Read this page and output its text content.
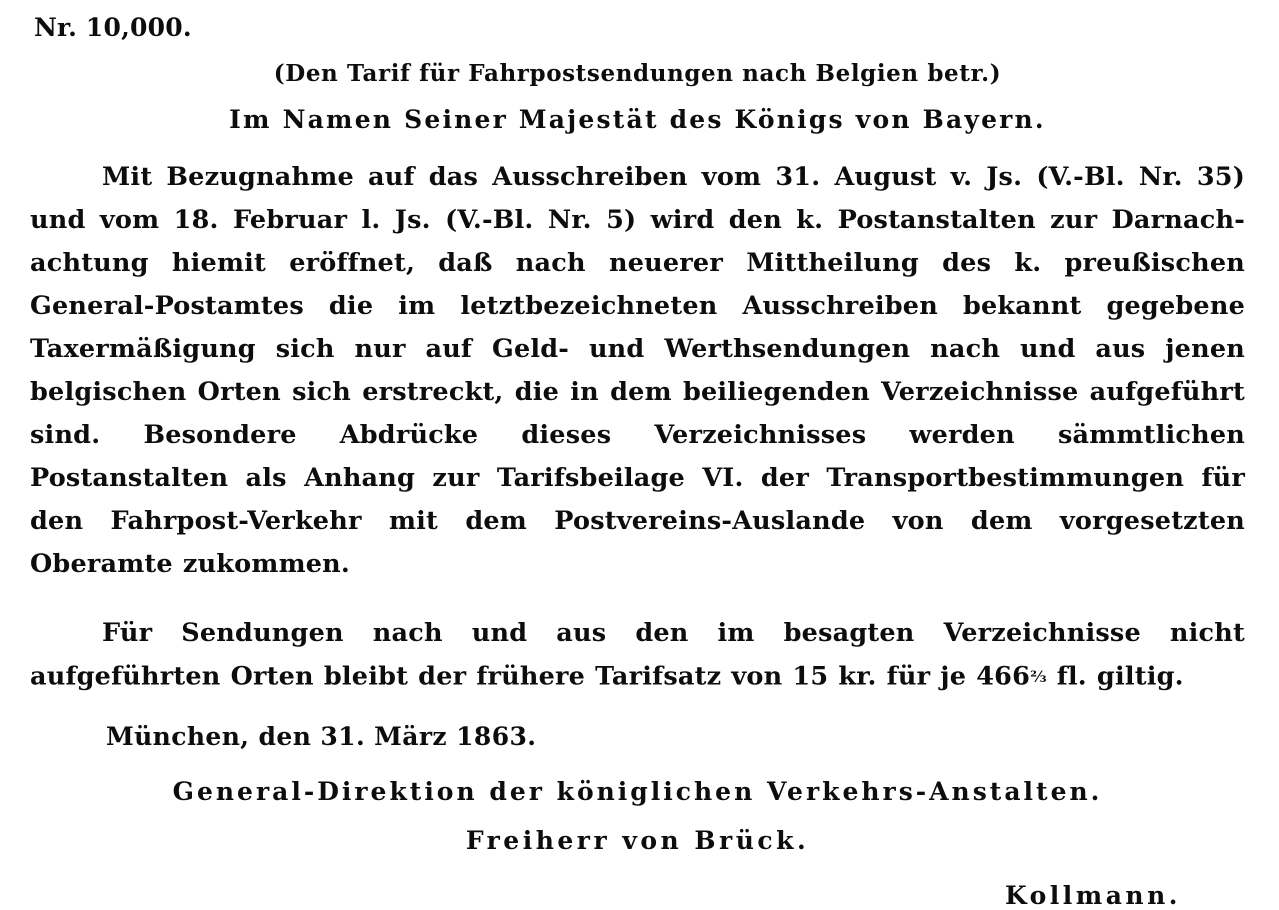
Nr. 10,000.
(Den Tarif für Fahrpostsendungen nach Belgien betr.)
Im Namen Seiner Majestät des Königs von Bayern.
Mit Bezugnahme auf das Ausschreiben vom 31. August v. Js. (V.-Bl. Nr. 35) und vom 18. Februar l. Js. (V.-Bl. Nr. 5) wird den k. Postanstalten zur Darnach-achtung hiemit eröffnet, daß nach neuerer Mittheilung des k. preußischen General-Postamtes die im letztbezeichneten Ausschreiben bekannt gegebene Taxermäßigung sich nur auf Geld- und Werthsendungen nach und aus jenen belgischen Orten sich erstreckt, die in dem beiliegenden Verzeichnisse aufgeführt sind. Besondere Abdrücke dieses Verzeichnisses werden sämmtlichen Postanstalten als Anhang zur Tarifsbeilage VI. der Transportbestimmungen für den Fahrpost-Verkehr mit dem Postvereins-Auslande von dem vorgesetzten Oberamte zukommen.
Für Sendungen nach und aus den im besagten Verzeichnisse nicht aufgeführten Orten bleibt der frühere Tarifsatz von 15 kr. für je 466⅔ fl. giltig.
München, den 31. März 1863.
General-Direktion der königlichen Verkehrs-Anstalten.
Freiherr von Brück.
Kollmann.
